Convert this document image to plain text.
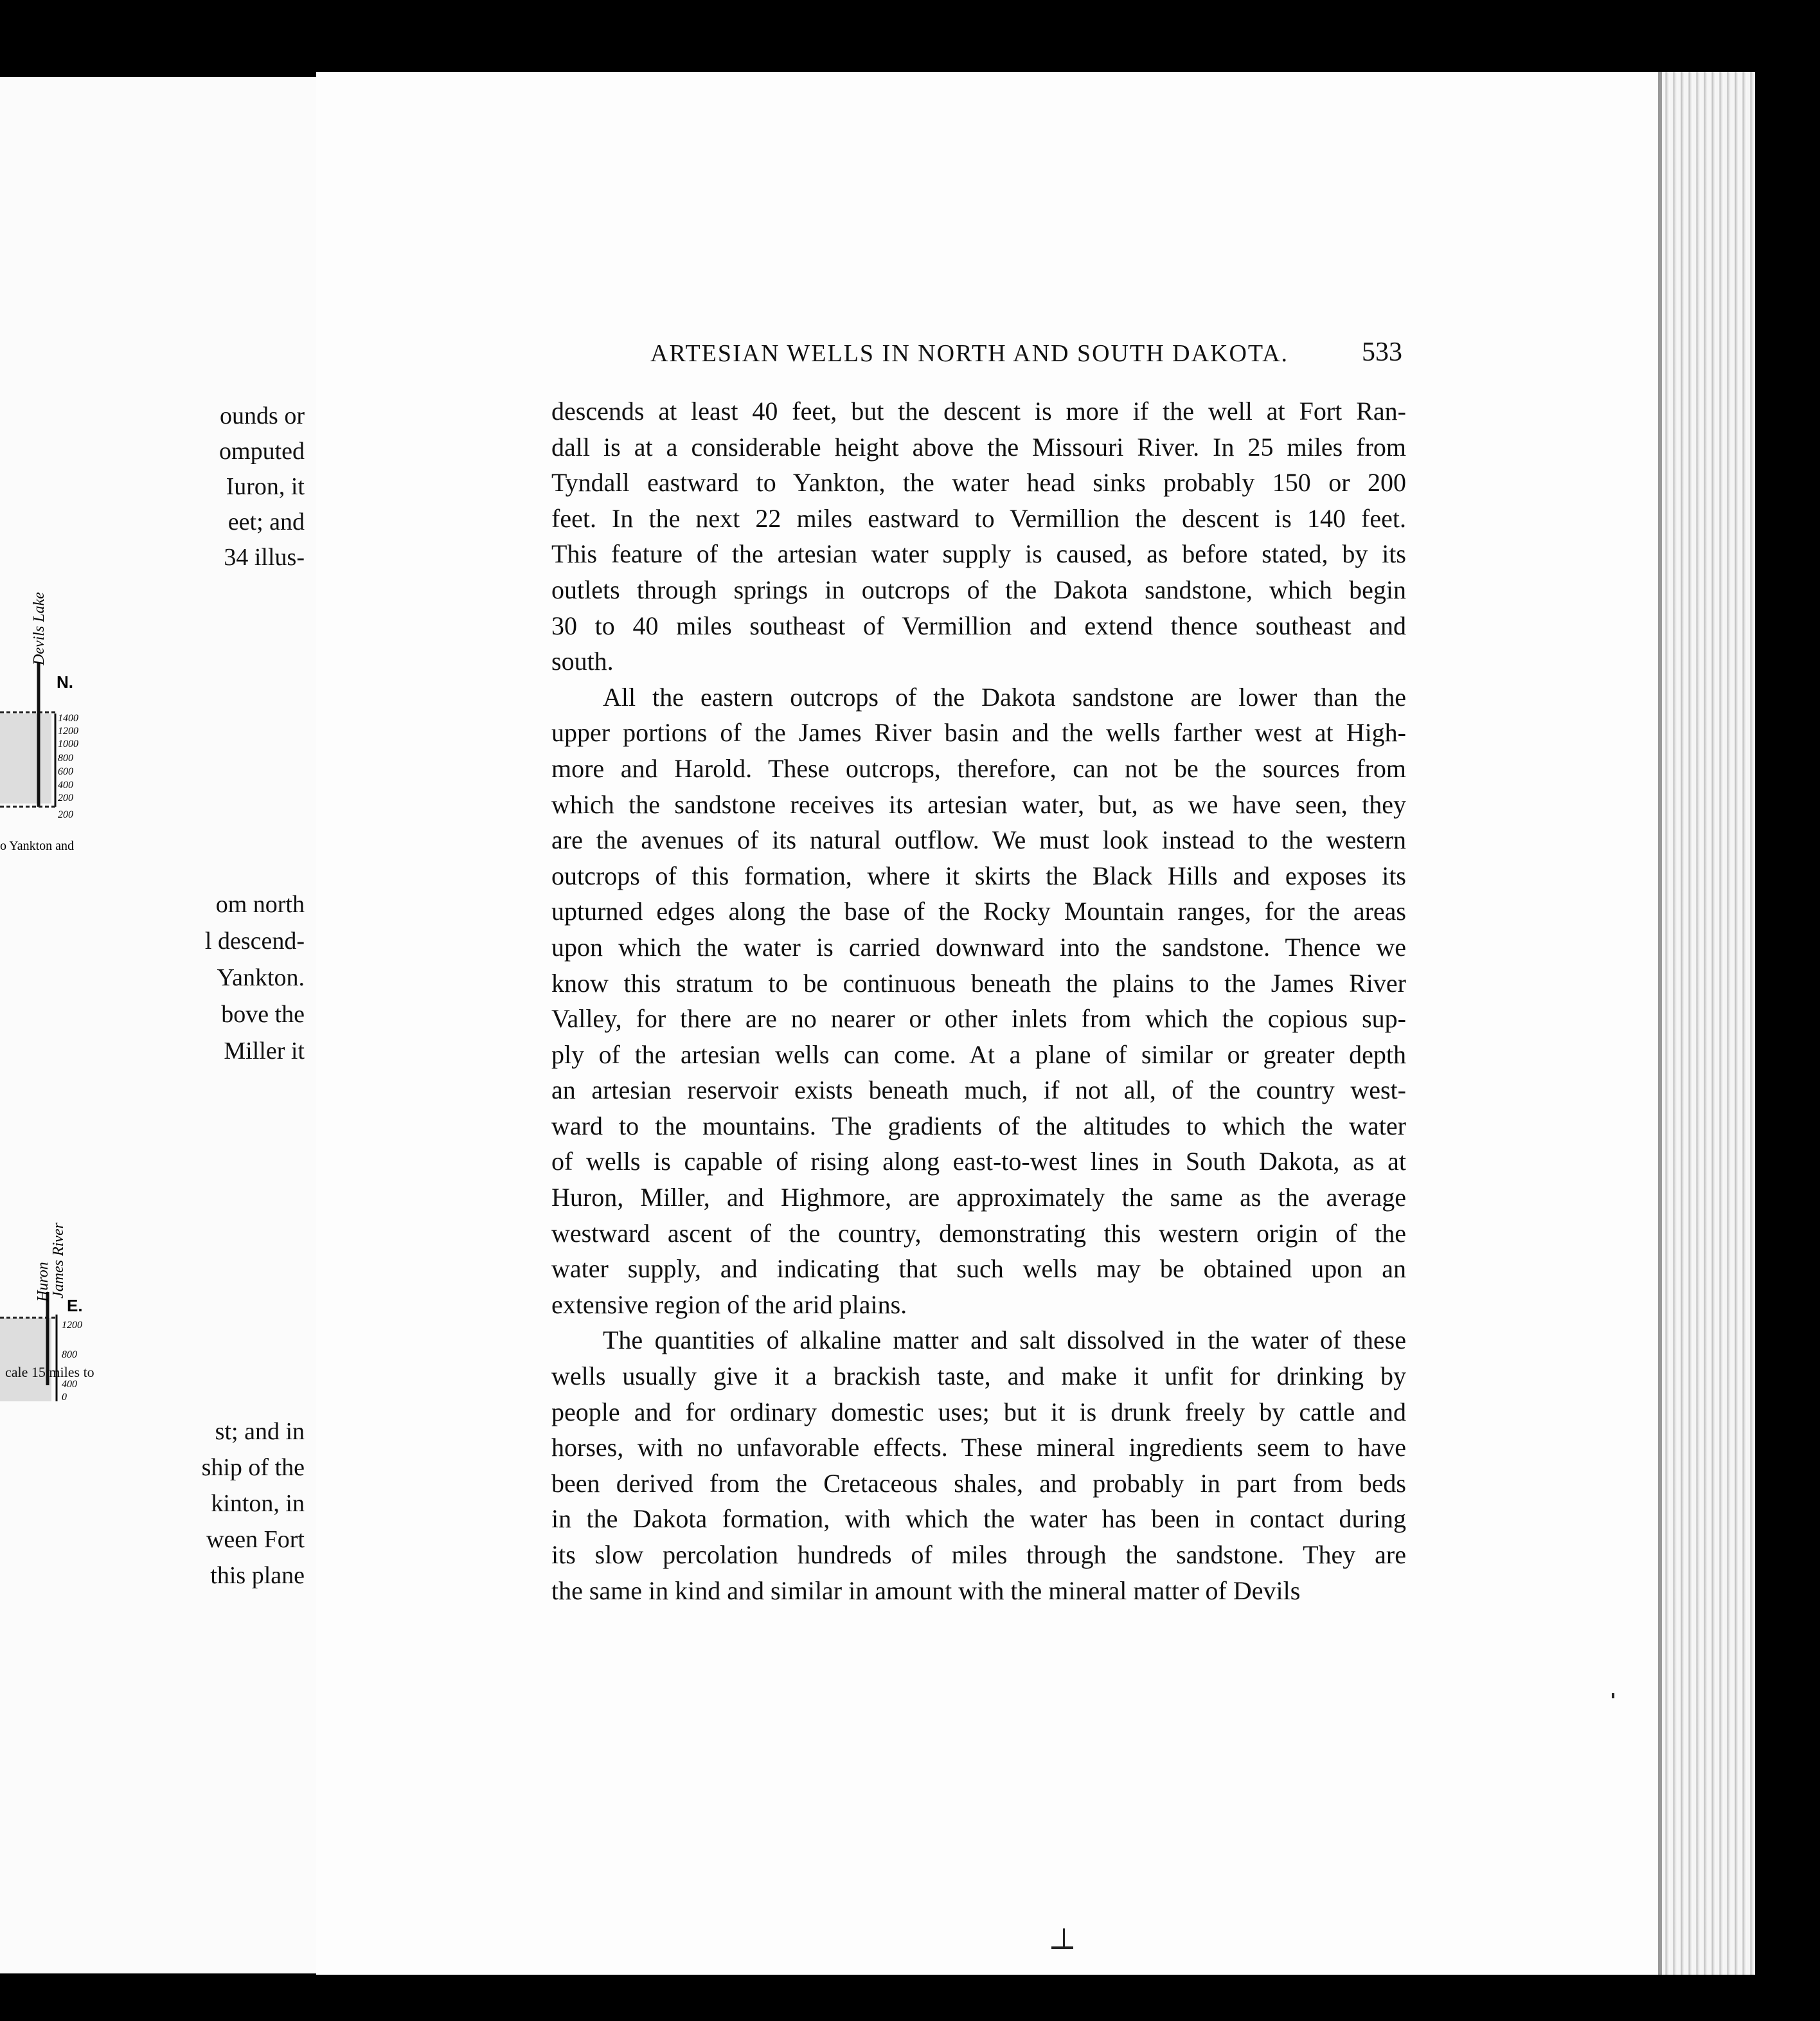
ounds or
omputed
Iuron, it
eet; and
34 illus-
Devils Lake
N.
1400
1200
1000
800
600
400
200
200
o Yankton and
om north
l descend-
Yankton.
bove the
Miller it
Huron
James River
E.
1200
800
400
0
cale 15 miles to
st; and in
ship of the
kinton, in
ween Fort
this plane
ARTESIAN WELLS IN NORTH AND SOUTH DAKOTA.	533
descends at least 40 feet, but the descent is more if the well at Fort Ran-
dall is at a considerable height above the Missouri River. In 25 miles from
Tyndall eastward to Yankton, the water head sinks probably 150 or 200
feet. In the next 22 miles eastward to Vermillion the descent is 140 feet.
This feature of the artesian water supply is caused, as before stated, by its
outlets through springs in outcrops of the Dakota sandstone, which begin
30 to 40 miles southeast of Vermillion and extend thence southeast and
south.
All the eastern outcrops of the Dakota sandstone are lower than the
upper portions of the James River basin and the wells farther west at High-
more and Harold. These outcrops, therefore, can not be the sources from
which the sandstone receives its artesian water, but, as we have seen, they
are the avenues of its natural outflow. We must look instead to the western
outcrops of this formation, where it skirts the Black Hills and exposes its
upturned edges along the base of the Rocky Mountain ranges, for the areas
upon which the water is carried downward into the sandstone. Thence we
know this stratum to be continuous beneath the plains to the James River
Valley, for there are no nearer or other inlets from which the copious sup-
ply of the artesian wells can come. At a plane of similar or greater depth
an artesian reservoir exists beneath much, if not all, of the country west-
ward to the mountains. The gradients of the altitudes to which the water
of wells is capable of rising along east-to-west lines in South Dakota, as at
Huron, Miller, and Highmore, are approximately the same as the average
westward ascent of the country, demonstrating this western origin of the
water supply, and indicating that such wells may be obtained upon an
extensive region of the arid plains.
The quantities of alkaline matter and salt dissolved in the water of these
wells usually give it a brackish taste, and make it unfit for drinking by
people and for ordinary domestic uses; but it is drunk freely by cattle and
horses, with no unfavorable effects. These mineral ingredients seem to have
been derived from the Cretaceous shales, and probably in part from beds
in the Dakota formation, with which the water has been in contact during
its slow percolation hundreds of miles through the sandstone. They are
the same in kind and similar in amount with the mineral matter of Devils
